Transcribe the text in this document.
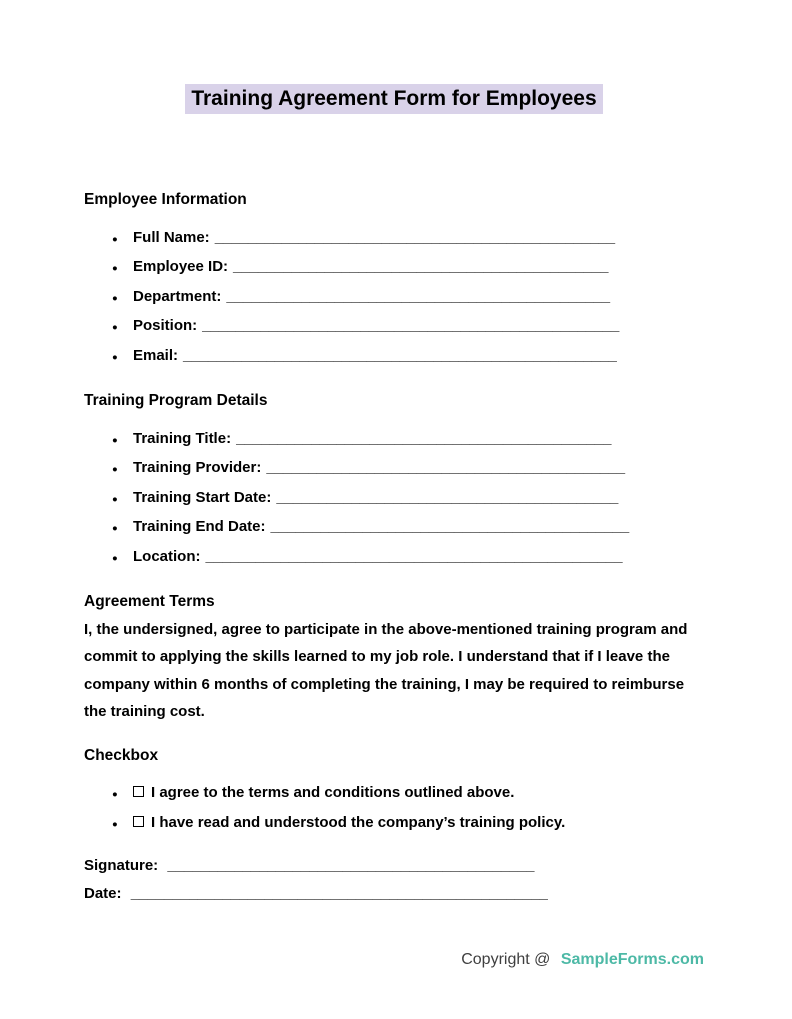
Training Agreement Form for Employees
Employee Information
●	Full Name: ________________________________________________
●	Employee ID: _____________________________________________
●	Department: ______________________________________________
●	Position: __________________________________________________
●	Email: ____________________________________________________
Training Program Details
●	Training Title: _____________________________________________
●	Training Provider: ___________________________________________
●	Training Start Date: _________________________________________
●	Training End Date: ___________________________________________
●	Location: __________________________________________________
Agreement Terms

I, the undersigned, agree to participate in the above-mentioned training program and commit to applying the skills learned to my job role. I understand that if I leave the company within 6 months of completing the training, I may be required to reimburse the training cost.

Checkbox
●	I agree to the terms and conditions outlined above.
●	I have read and understood the company’s training policy.
Signature: ____________________________________________
Date: __________________________________________________
Copyright @ SampleForms.com
